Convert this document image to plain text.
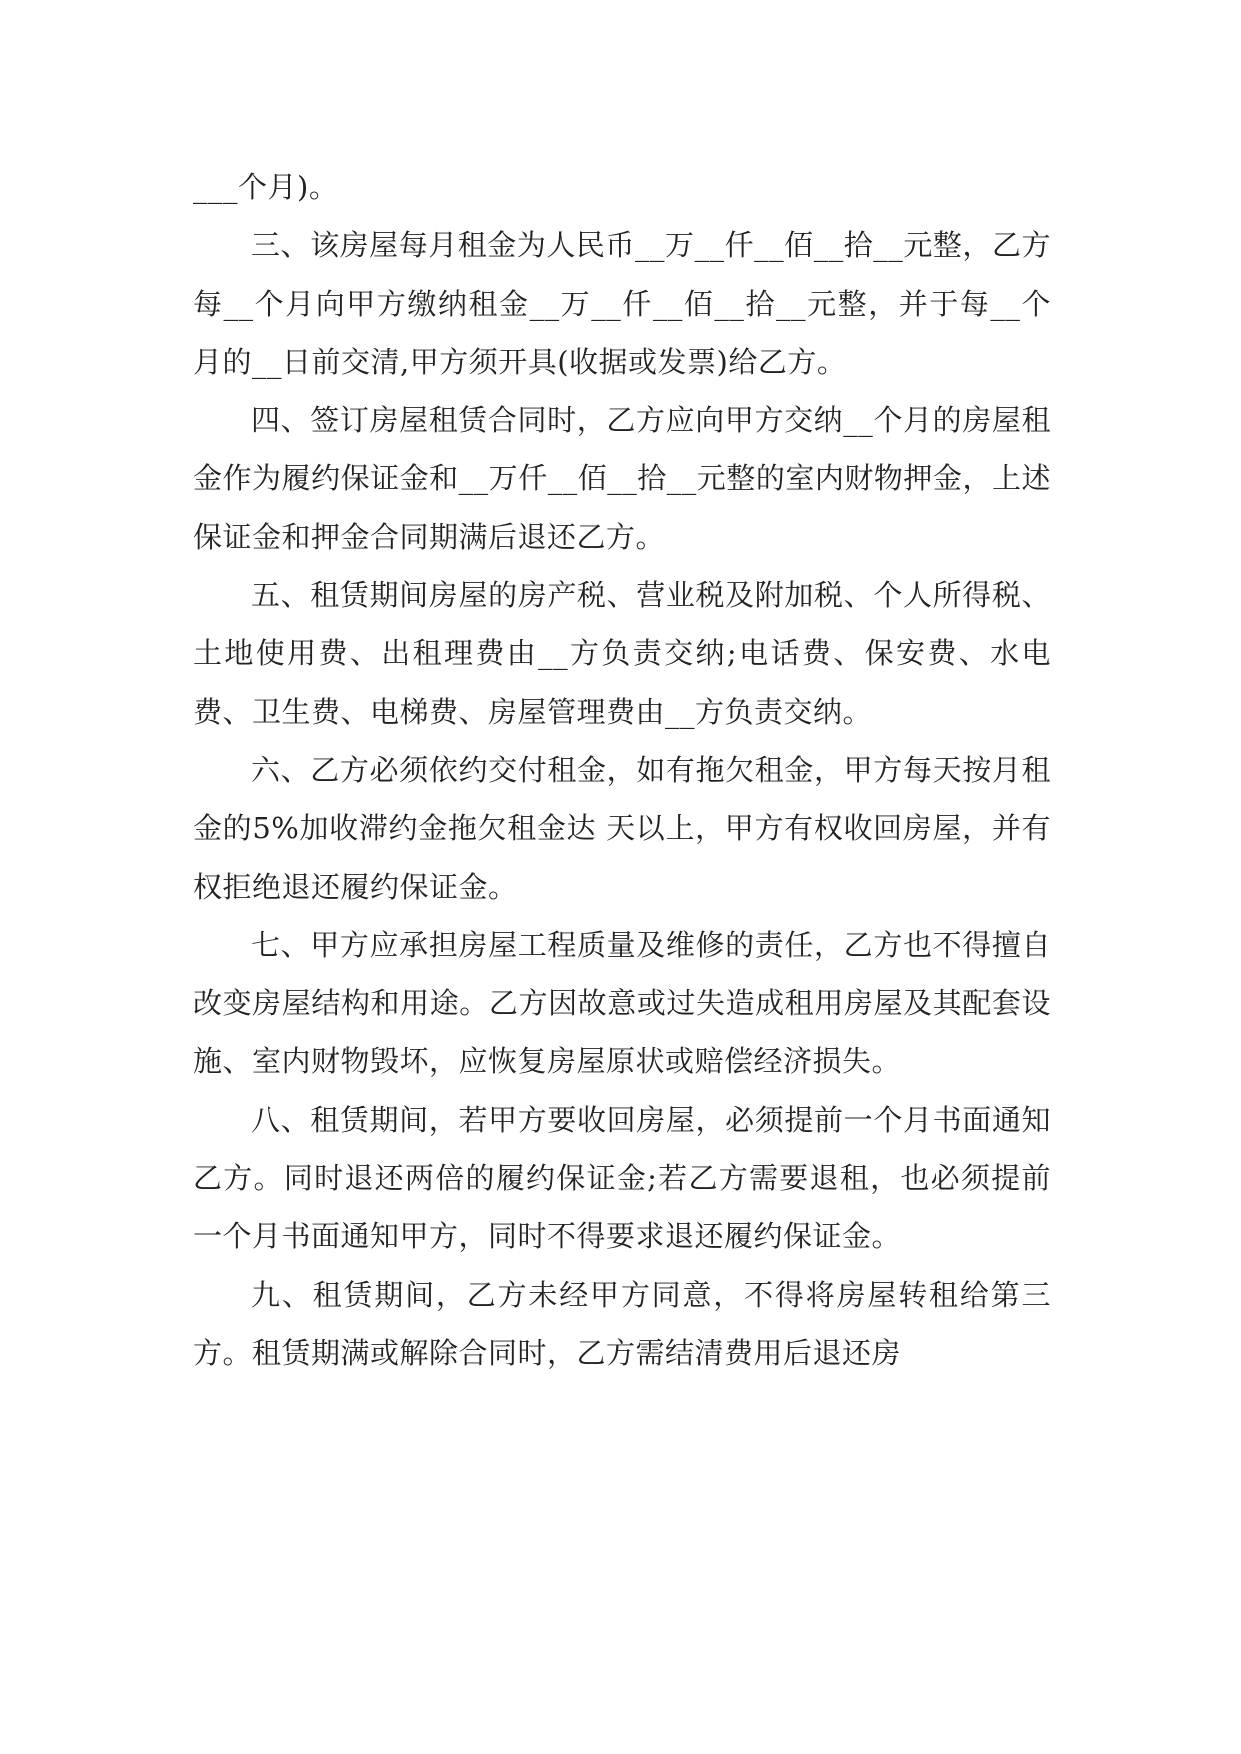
___个月)。

三、该房屋每月租金为人民币__万__仟__佰__拾__元整，乙方每__个月向甲方缴纳租金__万__仟__佰__拾__元整，并于每__个月的__日前交清,甲方须开具(收据或发票)给乙方。

四、签订房屋租赁合同时，乙方应向甲方交纳__个月的房屋租金作为履约保证金和__万仟__佰__拾__元整的室内财物押金，上述保证金和押金合同期满后退还乙方。

五、租赁期间房屋的房产税、营业税及附加税、个人所得税、土地使用费、出租理费由__方负责交纳;电话费、保安费、水电费、卫生费、电梯费、房屋管理费由__方负责交纳。

六、乙方必须依约交付租金，如有拖欠租金，甲方每天按月租金的5%加收滞约金拖欠租金达 天以上，甲方有权收回房屋，并有权拒绝退还履约保证金。

七、甲方应承担房屋工程质量及维修的责任，乙方也不得擅自改变房屋结构和用途。乙方因故意或过失造成租用房屋及其配套设施、室内财物毁坏，应恢复房屋原状或赔偿经济损失。

八、租赁期间，若甲方要收回房屋，必须提前一个月书面通知乙方。同时退还两倍的履约保证金;若乙方需要退租，也必须提前一个月书面通知甲方，同时不得要求退还履约保证金。

九、租赁期间，乙方未经甲方同意，不得将房屋转租给第三方。租赁期满或解除合同时，乙方需结清费用后退还房
